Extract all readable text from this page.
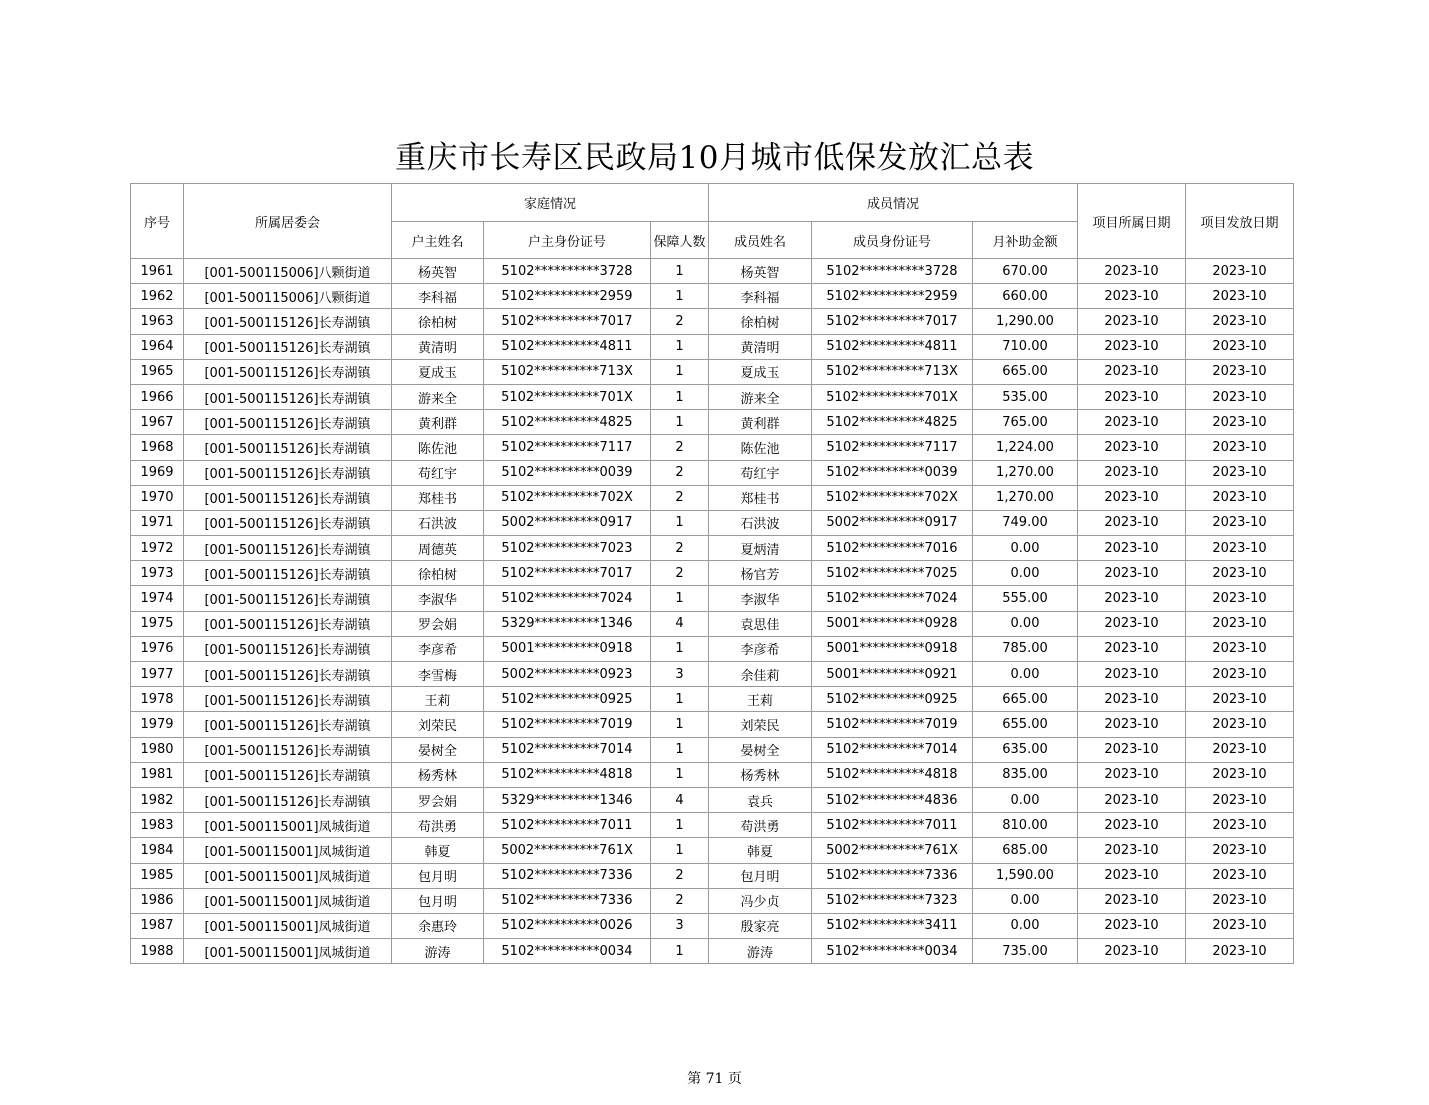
重庆市长寿区民政局10月城市低保发放汇总表
序号	所属居委会	家庭情况			成员情况			项目所属日期	项目发放日期
		户主姓名	户主身份证号	保障人数	成员姓名	成员身份证号	月补助金额		
1961	[001-500115006]八颗街道	杨英智	5102**********3728	1	杨英智	5102**********3728	670.00	2023-10	2023-10
1962	[001-500115006]八颗街道	李科福	5102**********2959	1	李科福	5102**********2959	660.00	2023-10	2023-10
1963	[001-500115126]长寿湖镇	徐柏树	5102**********7017	2	徐柏树	5102**********7017	1,290.00	2023-10	2023-10
1964	[001-500115126]长寿湖镇	黄清明	5102**********4811	1	黄清明	5102**********4811	710.00	2023-10	2023-10
1965	[001-500115126]长寿湖镇	夏成玉	5102**********713X	1	夏成玉	5102**********713X	665.00	2023-10	2023-10
1966	[001-500115126]长寿湖镇	游来全	5102**********701X	1	游来全	5102**********701X	535.00	2023-10	2023-10
1967	[001-500115126]长寿湖镇	黄利群	5102**********4825	1	黄利群	5102**********4825	765.00	2023-10	2023-10
1968	[001-500115126]长寿湖镇	陈佐池	5102**********7117	2	陈佐池	5102**********7117	1,224.00	2023-10	2023-10
1969	[001-500115126]长寿湖镇	苟红宇	5102**********0039	2	苟红宇	5102**********0039	1,270.00	2023-10	2023-10
1970	[001-500115126]长寿湖镇	郑桂书	5102**********702X	2	郑桂书	5102**********702X	1,270.00	2023-10	2023-10
1971	[001-500115126]长寿湖镇	石洪波	5002**********0917	1	石洪波	5002**********0917	749.00	2023-10	2023-10
1972	[001-500115126]长寿湖镇	周德英	5102**********7023	2	夏炳清	5102**********7016	0.00	2023-10	2023-10
1973	[001-500115126]长寿湖镇	徐柏树	5102**********7017	2	杨官芳	5102**********7025	0.00	2023-10	2023-10
1974	[001-500115126]长寿湖镇	李淑华	5102**********7024	1	李淑华	5102**********7024	555.00	2023-10	2023-10
1975	[001-500115126]长寿湖镇	罗会娟	5329**********1346	4	袁思佳	5001**********0928	0.00	2023-10	2023-10
1976	[001-500115126]长寿湖镇	李彦希	5001**********0918	1	李彦希	5001**********0918	785.00	2023-10	2023-10
1977	[001-500115126]长寿湖镇	李雪梅	5002**********0923	3	余佳莉	5001**********0921	0.00	2023-10	2023-10
1978	[001-500115126]长寿湖镇	王莉	5102**********0925	1	王莉	5102**********0925	665.00	2023-10	2023-10
1979	[001-500115126]长寿湖镇	刘荣民	5102**********7019	1	刘荣民	5102**********7019	655.00	2023-10	2023-10
1980	[001-500115126]长寿湖镇	晏树全	5102**********7014	1	晏树全	5102**********7014	635.00	2023-10	2023-10
1981	[001-500115126]长寿湖镇	杨秀林	5102**********4818	1	杨秀林	5102**********4818	835.00	2023-10	2023-10
1982	[001-500115126]长寿湖镇	罗会娟	5329**********1346	4	袁兵	5102**********4836	0.00	2023-10	2023-10
1983	[001-500115001]凤城街道	苟洪勇	5102**********7011	1	苟洪勇	5102**********7011	810.00	2023-10	2023-10
1984	[001-500115001]凤城街道	韩夏	5002**********761X	1	韩夏	5002**********761X	685.00	2023-10	2023-10
1985	[001-500115001]凤城街道	包月明	5102**********7336	2	包月明	5102**********7336	1,590.00	2023-10	2023-10
1986	[001-500115001]凤城街道	包月明	5102**********7336	2	冯少贞	5102**********7323	0.00	2023-10	2023-10
1987	[001-500115001]凤城街道	余惠玲	5102**********0026	3	殷家亮	5102**********3411	0.00	2023-10	2023-10
1988	[001-500115001]凤城街道	游涛	5102**********0034	1	游涛	5102**********0034	735.00	2023-10	2023-10
第 71 页
